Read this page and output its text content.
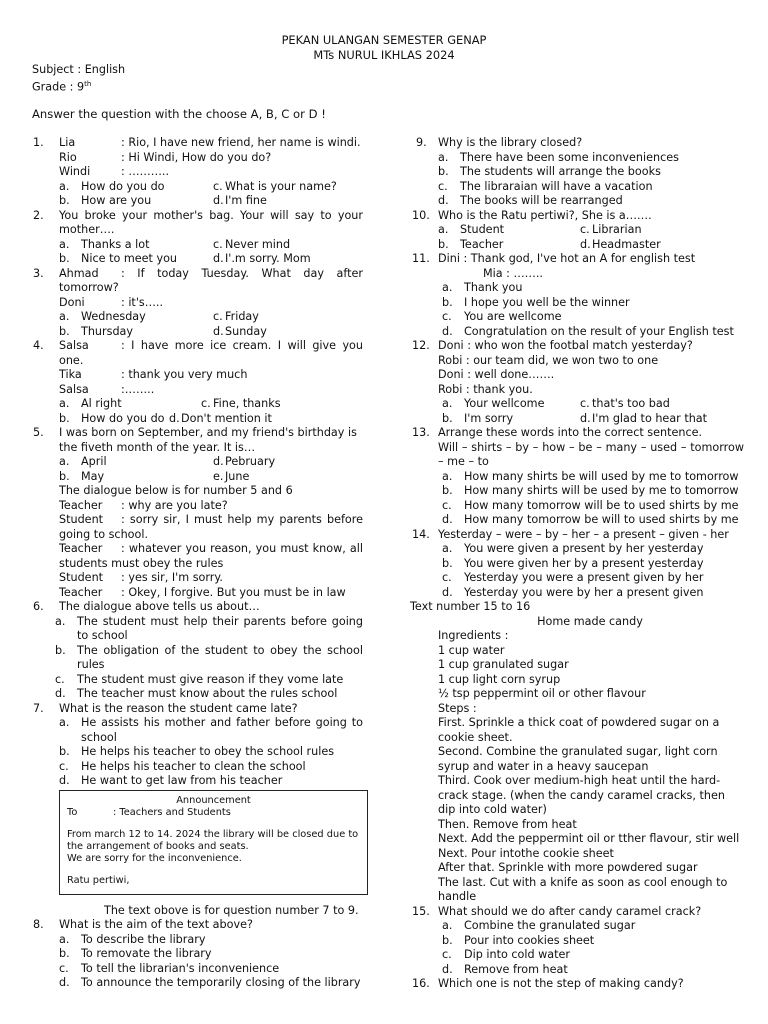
PEKAN ULANGAN SEMESTER GENAP
MTs NURUL IKHLAS 2024
Subject : English
Grade : 9th
Answer the question with the choose A, B, C or D !
1. Lia	: Rio, I have new friend, her name is windi.
Rio	: Hi Windi, How do you do?
Windi	: ………..
a. How do you do	c. What is your name?
b. How are you	d. I'm fine
2. You broke your mother's bag. Your will say to your mother….
a. Thanks a lot	c. Never mind
b. Nice to meet you	d. I'.m sorry. Mom
3. Ahmad	: If today Tuesday. What day after tomorrow?
Doni	: it's…..
a. Wednesday	c. Friday
b. Thursday	d. Sunday
4. Salsa	: I have more ice cream. I will give you one.
Tika	: thank you very much
Salsa	:……..
a. Al right	c. Fine, thanks
b. How do you do d. Don't mention it
5. I was born on September, and my friend's birthday is the fiveth month of the year. It is…
a. April	d. Pebruary
b. May	e. June
The dialogue below is for number 5 and 6
Teacher	: why are you late?
Student	: sorry sir, I must help my parents before going to school.
Teacher	: whatever you reason, you must know, all students must obey the rules
Student	: yes sir, I'm sorry.
Teacher	: Okey, I forgive. But you must be in law
6. The dialogue above tells us about…
a. The student must help their parents before going to school
b. The obligation of the student to obey the school rules
c. The student must give reason if they vome late
d. The teacher must know about the rules school
7. What is the reason the student came late?
a. He assists his mother and father before going to school
b. He helps his teacher to obey the school rules
c. He helps his teacher to clean the school
d. He want to get law from his teacher
Announcement
To	: Teachers and Students
From march 12 to 14. 2024 the library will be closed due to the arrangement of books and seats.
We are sorry for the inconvenience.
Ratu pertiwi,
The text obove is for question number 7 to 9.
8. What is the aim of the text above?
a. To describe the library
b. To removate the library
c. To tell the librarian's inconvenience
d. To announce the temporarily closing of the library
9. Why is the library closed?
a. There have been some inconveniences
b. The students will arrange the books
c. The libraraian will have a vacation
d. The books will be rearranged
10. Who is the Ratu pertiwi?, She is a…….
a. Student	c. Librarian
b. Teacher	d. Headmaster
11. Dini : Thank god, I've hot an A for english test
Mia : ……..
a. Thank you
b. I hope you well be the winner
c. You are wellcome
d. Congratulation on the result of your English test
12. Doni : who won the footbal match yesterday?
Robi : our team did, we won two to one
Doni : well done…….
Robi : thank you.
a. Your wellcome	c. that's too bad
b. I'm sorry	d. I'm glad to hear that
13. Arrange these words into the correct sentence.
Will – shirts – by – how – be – many – used – tomorrow – me – to
a. How many shirts be will used by me to tomorrow
b. How many shirts will be used by me to tomorrow
c. How many tomorrow will be to used shirts by me
d. How many tomorrow be will to used shirts by me
14. Yesterday – were – by – her – a present – given - her
a. You were given a present by her yesterday
b. You were given her by a present yesterday
c. Yesterday you were a present given by her
d. Yesterday you were by her a present given
Text number 15 to 16
Home made candy
Ingredients :
1 cup water
1 cup granulated sugar
1 cup light corn syrup
½ tsp peppermint oil or other flavour
Steps :
First. Sprinkle a thick coat of powdered sugar on a cookie sheet.
Second. Combine the granulated sugar, light corn syrup and water in a heavy saucepan
Third. Cook over medium-high heat until the hard-crack stage. (when the candy caramel cracks, then dip into cold water)
Then. Remove from heat
Next. Add the peppermint oil or tther flavour, stir well
Next. Pour intothe cookie sheet
After that. Sprinkle with more powdered sugar
The last. Cut with a knife as soon as cool enough to handle
15. What should we do after candy caramel crack?
a. Combine the granulated sugar
b. Pour into cookies sheet
c. Dip into cold water
d. Remove from heat
16. Which one is not the step of making candy?
